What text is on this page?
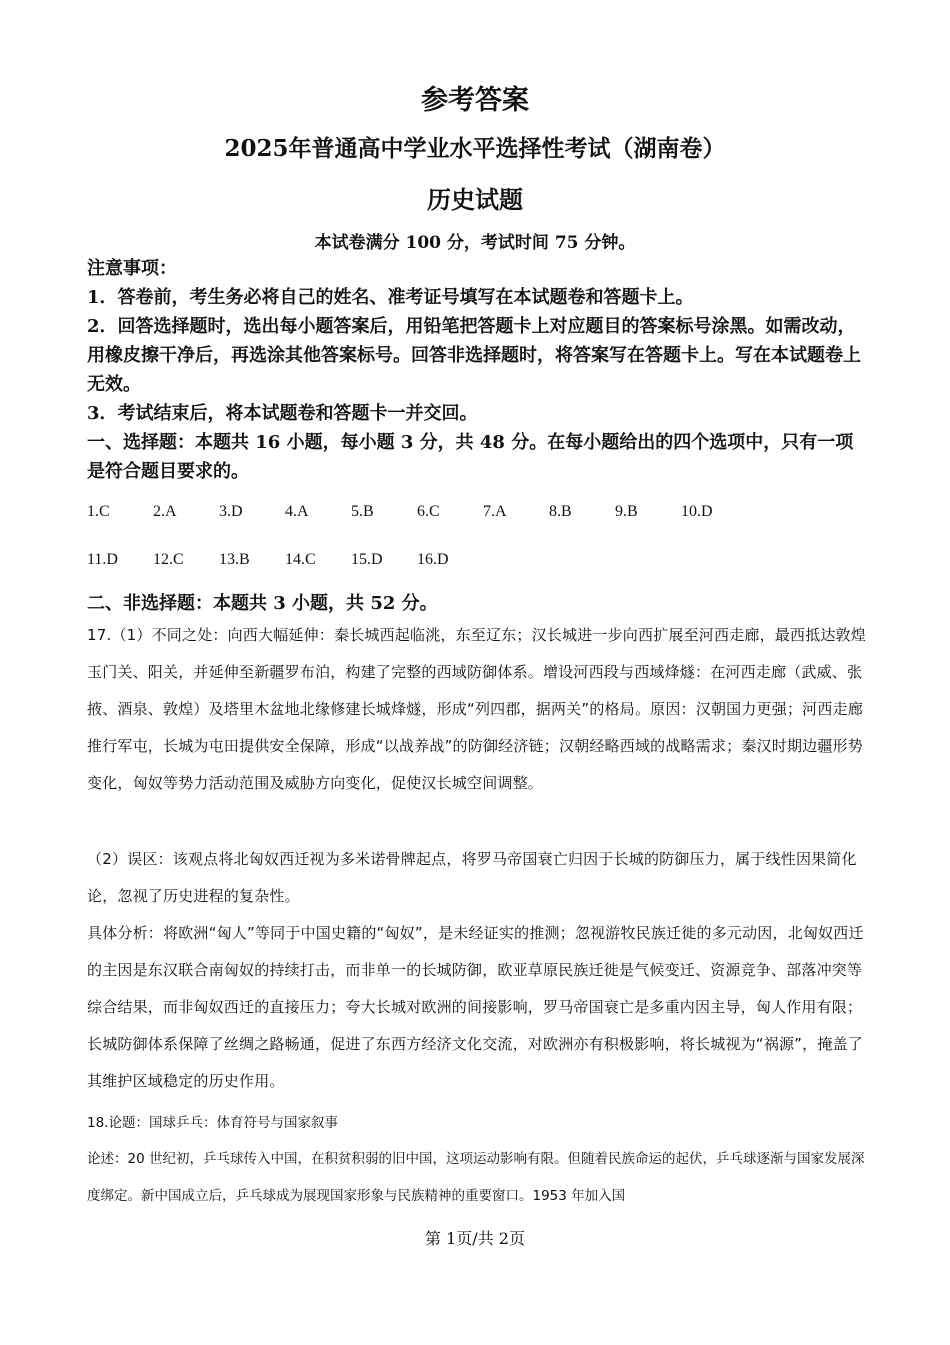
参考答案
2025年普通高中学业水平选择性考试（湖南卷）
历史试题
本试卷满分 100 分，考试时间 75 分钟。

注意事项：

1．答卷前，考生务必将自己的姓名、准考证号填写在本试题卷和答题卡上。

2．回答选择题时，选出每小题答案后，用铅笔把答题卡上对应题目的答案标号涂黑。如需改动，用橡皮擦干净后，再选涂其他答案标号。回答非选择题时，将答案写在答题卡上。写在本试题卷上无效。

3．考试结束后，将本试题卷和答题卡一并交回。

一、选择题：本题共 16 小题，每小题 3 分，共 48 分。在每小题给出的四个选项中，只有一项是符合题目要求的。

1.C	2.A	3.D	4.A	5.B	6.C	7.A	8.B	9.B	10.D
11.D 12.C 13.B 14.C 15.D 16.D
二、非选择题：本题共 3 小题，共 52 分。
17.（1）不同之处：向西大幅延伸：秦长城西起临洮，东至辽东；汉长城进一步向西扩展至河西走廊，最西抵达敦煌玉门关、阳关，并延伸至新疆罗布泊，构建了完整的西域防御体系。增设河西段与西域烽燧：在河西走廊（武威、张掖、酒泉、敦煌）及塔里木盆地北缘修建长城烽燧，形成“列四郡，据两关”的格局。原因：汉朝国力更强；河西走廊推行军屯，长城为屯田提供安全保障，形成“以战养战”的防御经济链；汉朝经略西域的战略需求；秦汉时期边疆形势变化，匈奴等势力活动范围及威胁方向变化，促使汉长城空间调整。
（2）误区：该观点将北匈奴西迁视为多米诺骨牌起点，将罗马帝国衰亡归因于长城的防御压力，属于线性因果简化论，忽视了历史进程的复杂性。
具体分析：将欧洲“匈人”等同于中国史籍的“匈奴”，是未经证实的推测；忽视游牧民族迁徙的多元动因，北匈奴西迁的主因是东汉联合南匈奴的持续打击，而非单一的长城防御，欧亚草原民族迁徙是气候变迁、资源竞争、部落冲突等综合结果，而非匈奴西迁的直接压力；夸大长城对欧洲的间接影响，罗马帝国衰亡是多重内因主导，匈人作用有限；长城防御体系保障了丝绸之路畅通，促进了东西方经济文化交流，对欧洲亦有积极影响，将长城视为“祸源”，掩盖了其维护区域稳定的历史作用。
18.论题：国球乒乓：体育符号与国家叙事
论述：20 世纪初，乒乓球传入中国，在积贫积弱的旧中国，这项运动影响有限。但随着民族命运的起伏，乒乓球逐渐与国家发展深度绑定。新中国成立后，乒乓球成为展现国家形象与民族精神的重要窗口。1953 年加入国
第 1页/共 2页
